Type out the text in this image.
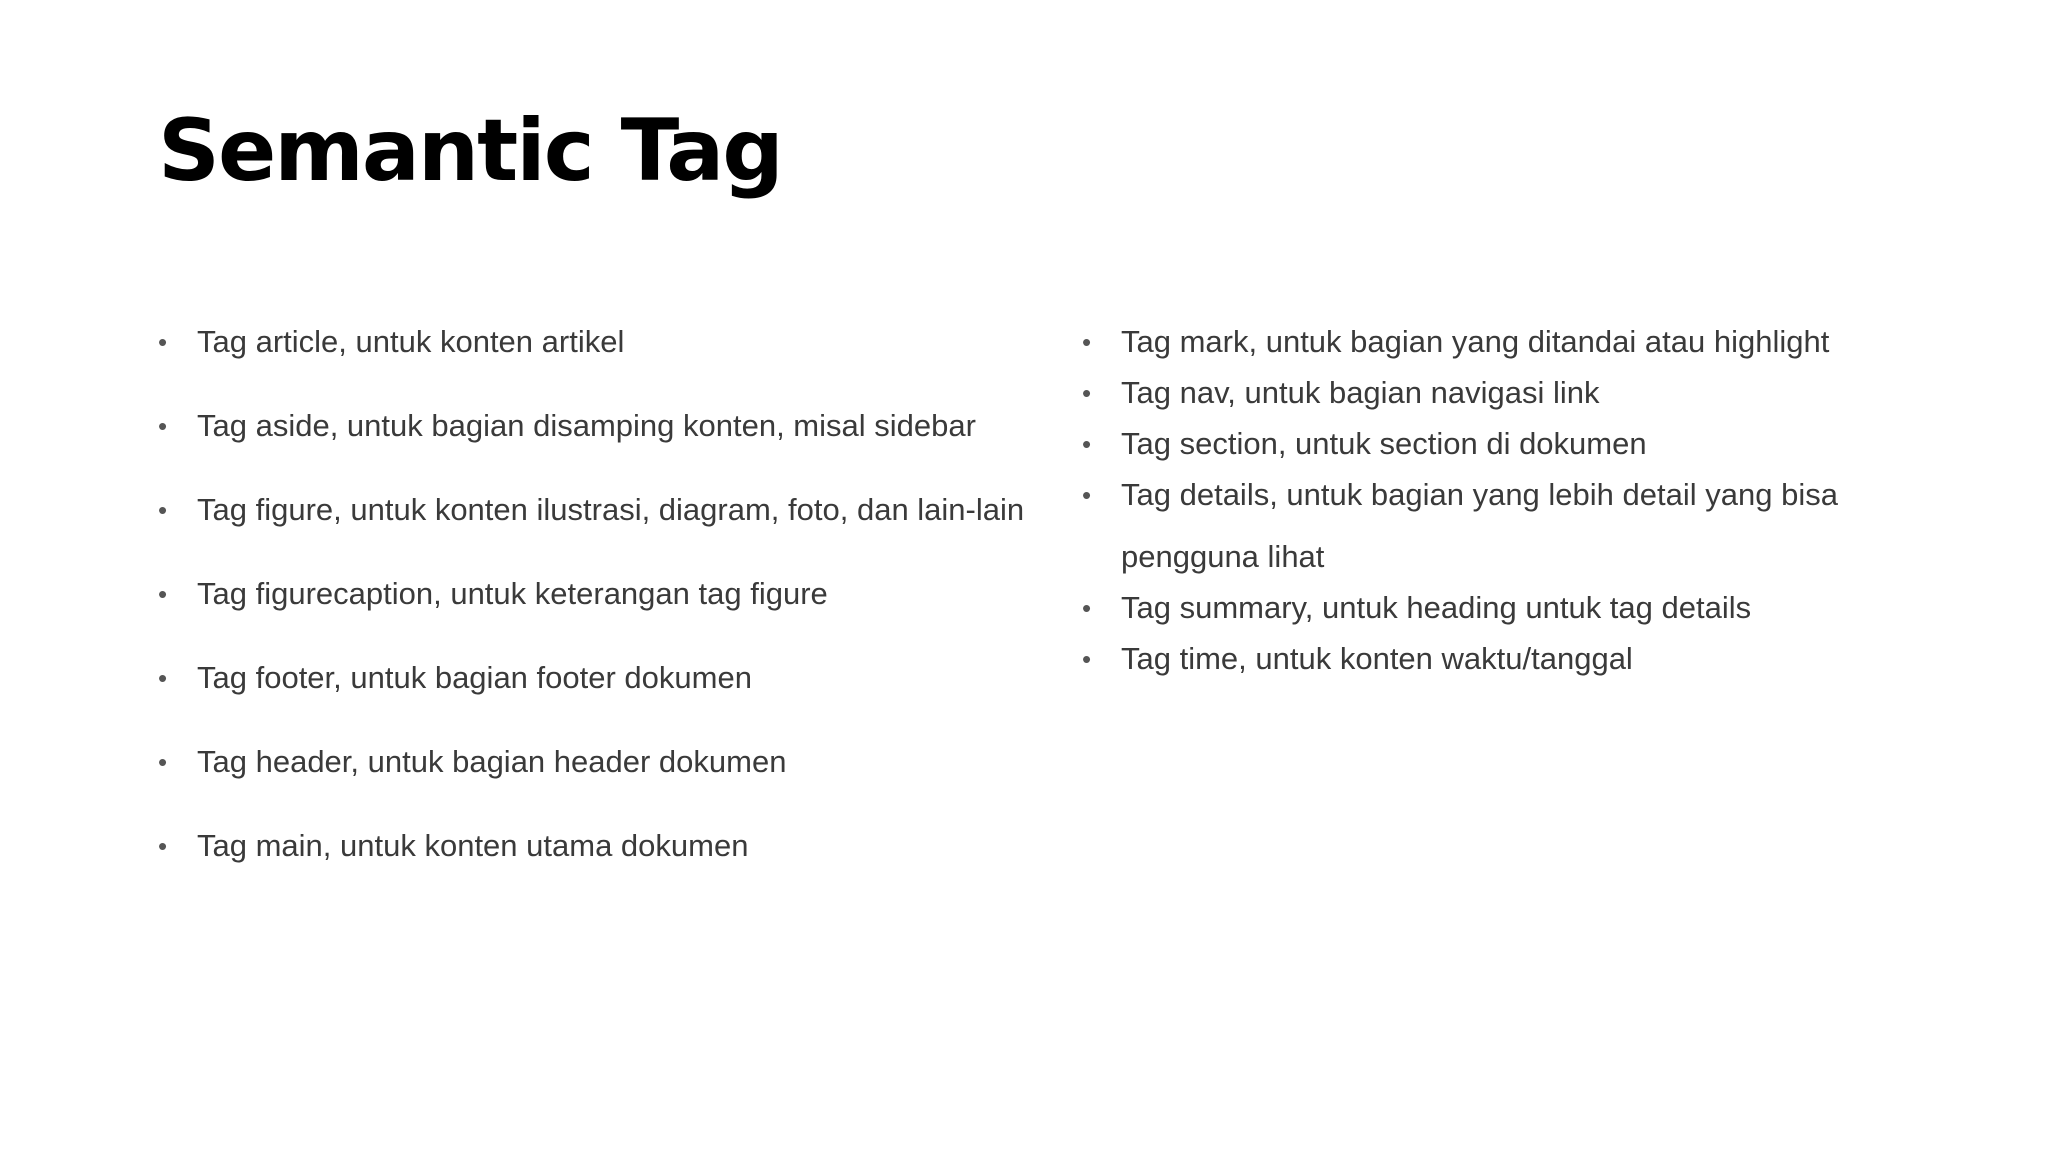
Semantic Tag
• Tag article, untuk konten artikel
• Tag aside, untuk bagian disamping konten, misal sidebar
• Tag figure, untuk konten ilustrasi, diagram, foto, dan lain-lain
• Tag figurecaption, untuk keterangan tag figure
• Tag footer, untuk bagian footer dokumen
• Tag header, untuk bagian header dokumen
• Tag main, untuk konten utama dokumen
• Tag mark, untuk bagian yang ditandai atau highlight
• Tag nav, untuk bagian navigasi link
• Tag section, untuk section di dokumen
• Tag details, untuk bagian yang lebih detail yang bisa pengguna lihat
• Tag summary, untuk heading untuk tag details
• Tag time, untuk konten waktu/tanggal
